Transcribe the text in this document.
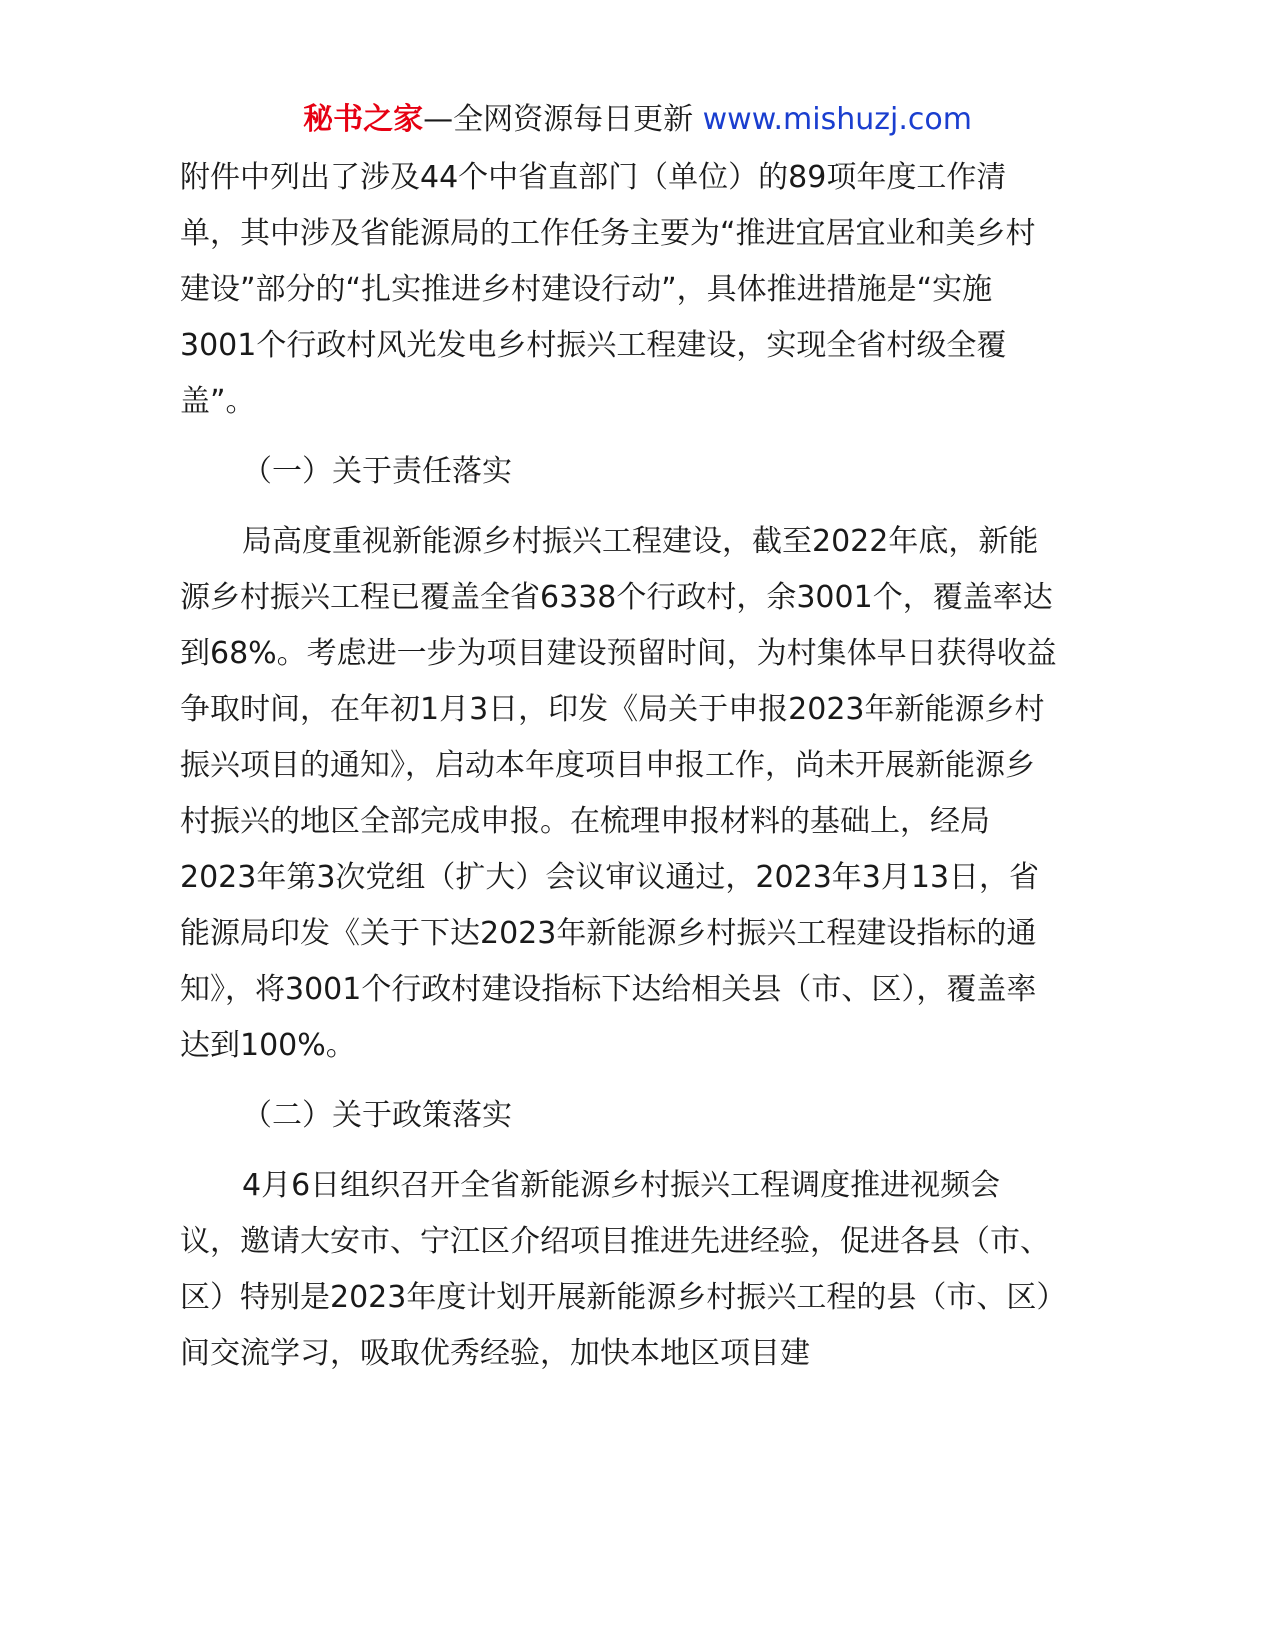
秘书之家—全网资源每日更新 www.mishuzj.com

附件中列出了涉及44个中省直部门（单位）的89项年度工作清单，其中涉及省能源局的工作任务主要为“推进宜居宜业和美乡村建设”部分的“扎实推进乡村建设行动”，具体推进措施是“实施3001个行政村风光发电乡村振兴工程建设，实现全省村级全覆盖”。

（一）关于责任落实

局高度重视新能源乡村振兴工程建设，截至2022年底，新能源乡村振兴工程已覆盖全省6338个行政村，余3001个，覆盖率达到68%。考虑进一步为项目建设预留时间，为村集体早日获得收益争取时间，在年初1月3日，印发《局关于申报2023年新能源乡村振兴项目的通知》，启动本年度项目申报工作，尚未开展新能源乡村振兴的地区全部完成申报。在梳理申报材料的基础上，经局2023年第3次党组（扩大）会议审议通过，2023年3月13日，省能源局印发《关于下达2023年新能源乡村振兴工程建设指标的通知》，将3001个行政村建设指标下达给相关县（市、区），覆盖率达到100%。

（二）关于政策落实

4月6日组织召开全省新能源乡村振兴工程调度推进视频会议，邀请大安市、宁江区介绍项目推进先进经验，促进各县（市、区）特别是2023年度计划开展新能源乡村振兴工程的县（市、区）间交流学习，吸取优秀经验，加快本地区项目建
